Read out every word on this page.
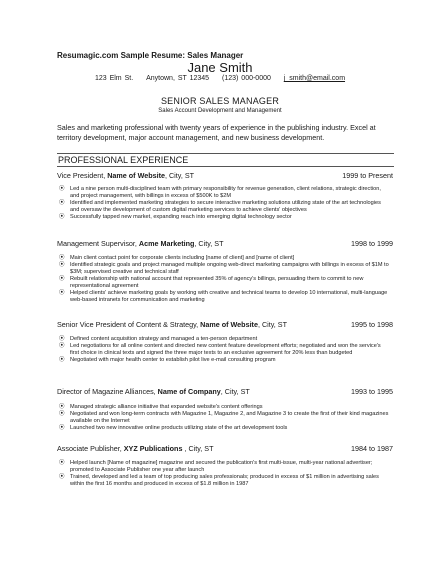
Resumagic.com Sample Resume: Sales Manager
Jane Smith
123 Elm St. Anytown, ST 12345 (123) 000-0000 j_smith@email.com
SENIOR SALES MANAGER
Sales Account Development and Management
Sales and marketing professional with twenty years of experience in the publishing industry. Excel at territory development, major account management, and new business development.
PROFESSIONAL EXPERIENCE
Vice President, Name of Website, City, ST	1999 to Present
⦿ Led a nine person multi-disciplined team with primary responsibility for revenue generation, client relations, strategic direction, and project management, with billings in excess of $500K to $2M
⦿ Identified and implemented marketing strategies to secure interactive marketing solutions utilizing state of the art technologies and oversaw the development of custom digital marketing services to achieve clients' objectives
⦿ Successfully tapped new market, expanding reach into emerging digital technology sector
Management Supervisor, Acme Marketing, City, ST	1998 to 1999
⦿ Main client contact point for corporate clients including [name of client] and [name of client]
⦿ Identified strategic goals and project managed multiple ongoing web-direct marketing campaigns with billings in excess of $1M to $3M; supervised creative and technical staff
⦿ Rebuilt relationship with national account that represented 35% of agency's billings, persuading them to commit to new representational agreement
⦿ Helped clients' achieve marketing goals by working with creative and technical teams to develop 10 international, multi-language web-based intranets for communication and marketing
Senior Vice President of Content & Strategy, Name of Website, City, ST	1995 to 1998
⦿ Defined content acquisition strategy and managed a ten-person department
⦿ Led negotiations for all online content and directed new content feature development efforts; negotiated and won the service's first choice in clinical texts and signed the three major texts to an exclusive agreement for 20% less than budgeted
⦿ Negotiated with major health center to establish pilot live e-mail consulting program
Director of Magazine Alliances, Name of Company, City, ST	1993 to 1995
⦿ Managed strategic alliance initiative that expanded website's content offerings
⦿ Negotiated and won long-term contracts with Magazine 1, Magazine 2, and Magazine 3 to create the first of their kind magazines available on the Internet
⦿ Launched two new innovative online products utilizing state of the art development tools
Associate Publisher, XYZ Publications , City, ST	1984 to 1987
⦿ Helped launch [Name of magazine] magazine and secured the publication's first multi-issue, multi-year national advertiser; promoted to Associate Publisher one year after launch
⦿ Trained, developed and led a team of top producing sales professionals; produced in excess of $1 million in advertising sales within the first 16 months and produced in excess of $1.8 million in 1987
